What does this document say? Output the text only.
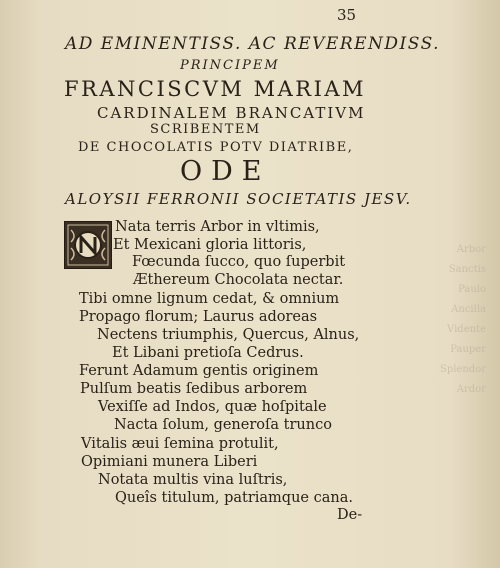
Arbor
Sanctis
Paulo
Ancilla
Vidente
Pauper
Splendor
Ardor
35
AD EMINENTISS. AC REVERENDISS.
PRINCIPEM
FRANCISCVM MARIAM
CARDINALEM BRANCATIVM
SCRIBENTEM
DE CHOCOLATIS POTV DIATRIBE,
ODE
ALOYSII FERRONII SOCIETATIS JESV.
Nata terris Arbor in vltimis,
Et Mexicani gloria littoris,
Fœcunda ſucco, quo ſuperbit
Æthereum Chocolata nectar.
Tibi omne lignum cedat, & omnium
Propago florum; Laurus adoreas
Nectens triumphis, Quercus, Alnus,
Et Libani pretioſa Cedrus.
Ferunt Adamum gentis originem
Pulſum beatis ſedibus arborem
Vexiſſe ad Indos, quæ hoſpitale
Nacta ſolum, generoſa trunco
Vitalis æui ſemina protulit,
Opimiani munera Liberi
Notata multis vina luſtris,
Queîs titulum, patriamque cana.
De-
